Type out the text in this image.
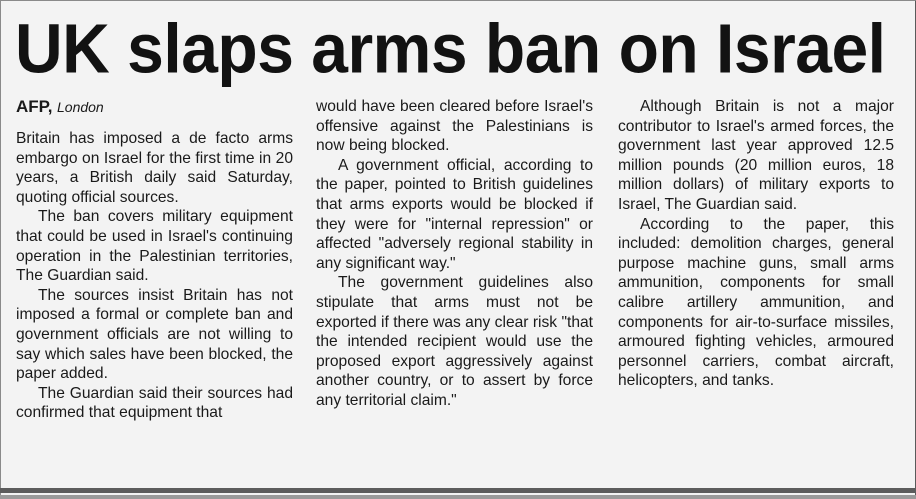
UK slaps arms ban on Israel
AFP, London

Britain has imposed a de facto arms embargo on Israel for the first time in 20 years, a British daily said Saturday, quoting official sources.

The ban covers military equipment that could be used in Israel's continuing operation in the Palestinian territories, The Guardian said.

The sources insist Britain has not imposed a formal or complete ban and government officials are not willing to say which sales have been blocked, the paper added.

The Guardian said their sources had confirmed that equipment that

would have been cleared before Israel's offensive against the Palestinians is now being blocked.

A government official, according to the paper, pointed to British guidelines that arms exports would be blocked if they were for "internal repression" or affected "adversely regional stability in any significant way."

The government guidelines also stipulate that arms must not be exported if there was any clear risk "that the intended recipient would use the proposed export aggressively against another country, or to assert by force any territorial claim."

Although Britain is not a major contributor to Israel's armed forces, the government last year approved 12.5 million pounds (20 million euros, 18 million dollars) of military exports to Israel, The Guardian said.

According to the paper, this included: demolition charges, general purpose machine guns, small arms ammunition, components for small calibre artillery ammunition, and components for air-to-surface missiles, armoured fighting vehicles, armoured personnel carriers, combat aircraft, helicopters, and tanks.
